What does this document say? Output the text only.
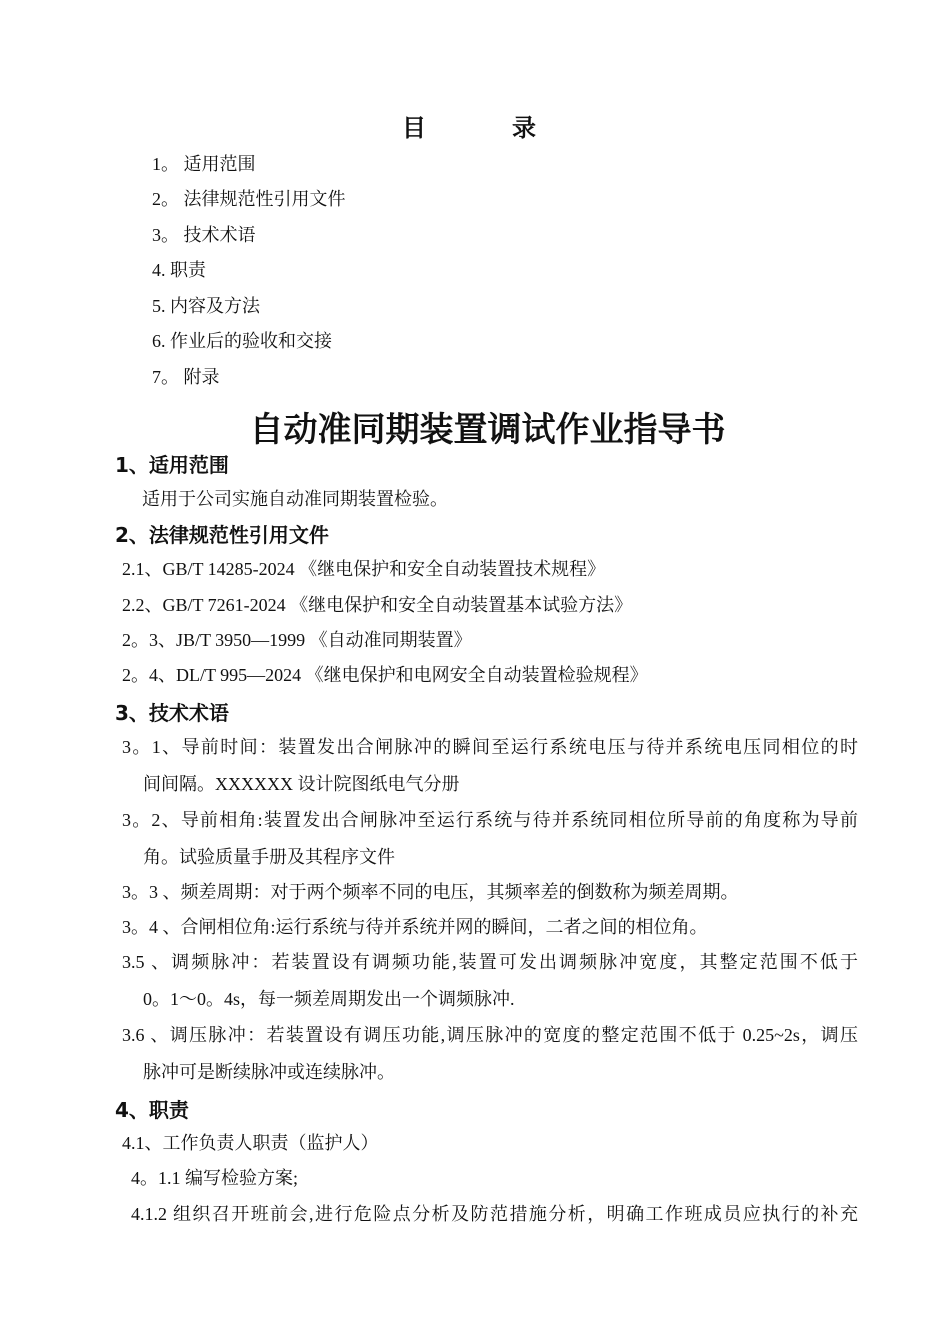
目 录
1。 适用范围
2。 法律规范性引用文件
3。 技术术语
4. 职责
5. 内容及方法
6. 作业后的验收和交接
7。 附录
自动准同期装置调试作业指导书
1、适用范围
适用于公司实施自动准同期装置检验。
2、法律规范性引用文件
2.1、GB/T 14285-2024 《继电保护和安全自动装置技术规程》
2.2、GB/T 7261-2024 《继电保护和安全自动装置基本试验方法》
2。3、JB/T 3950—1999 《自动准同期装置》
2。4、DL/T 995—2024 《继电保护和电网安全自动装置检验规程》
3、技术术语
3。1、导前时间：装置发出合闸脉冲的瞬间至运行系统电压与待并系统电压同相位的时
间间隔。XXXXXX 设计院图纸电气分册
3。2、导前相角:装置发出合闸脉冲至运行系统与待并系统同相位所导前的角度称为导前
角。试验质量手册及其程序文件
3。3 、频差周期：对于两个频率不同的电压，其频率差的倒数称为频差周期。
3。4 、合闸相位角:运行系统与待并系统并网的瞬间，二者之间的相位角。
3.5 、调频脉冲：若装置设有调频功能,装置可发出调频脉冲宽度，其整定范围不低于
0。1～0。4s，每一频差周期发出一个调频脉冲.
3.6 、调压脉冲：若装置设有调压功能,调压脉冲的宽度的整定范围不低于 0.25~2s，调压
脉冲可是断续脉冲或连续脉冲。
4、职责
4.1、工作负责人职责（监护人）
4。1.1 编写检验方案;
4.1.2 组织召开班前会,进行危险点分析及防范措施分析，明确工作班成员应执行的补充
